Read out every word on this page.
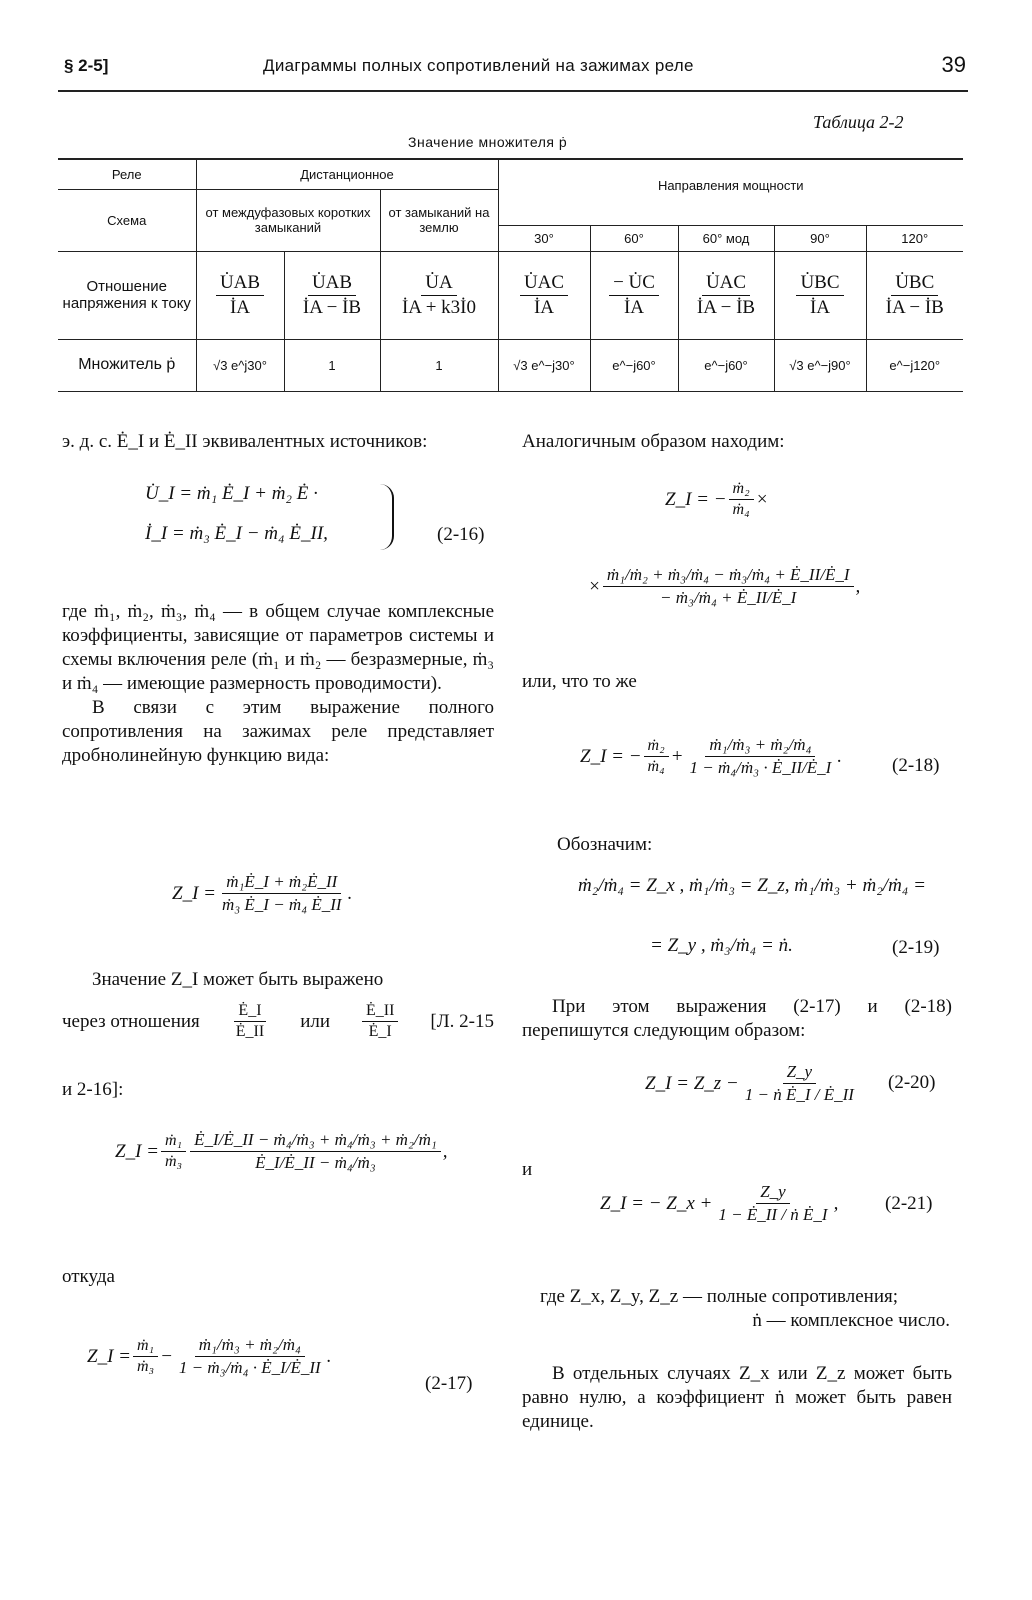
§ 2-5]	Диаграммы полных сопротивлений на зажимах реле	39
Таблица 2-2
Значение множителя ṗ
Реле	Дистанционное			Направления мощности				
Схема	от междуфазовых коротких замыканий		от замыканий на землю					
				30°	60°	60° мод	90°	120°
Отношение напряжения к току	$\frac{U̇AB}{İA}$	$\frac{U̇AB}{İA - İB}$	$\frac{U̇A}{İA + k3İ0}$	$\frac{U̇AC}{İA}$	$\frac{- U̇C}{İA}$	$\frac{U̇AC}{İA - İB}$	$\frac{U̇BC}{İA}$	$\frac{U̇BC}{İA - İB}$

Множитель ṗ	√3 e^j30°	1	1	√3 e^−j30°	e^−j60°	e^−j60°	√3 e^−j90°	e^−j120°

э. д. с. Ė_I и Ė_II эквивалентных источников:

U̇_I = ṁ₁ Ė_I + ṁ₂ Ė ·
İ_I = ṁ₃ Ė_I − ṁ₄ Ė_II,	(2-16)

где ṁ₁, ṁ₂, ṁ₃, ṁ₄ — в общем случае комплексные коэффициенты, зависящие от параметров системы и схемы включения реле (ṁ₁ и ṁ₂ — безразмерные, ṁ₃ и ṁ₄ — имеющие размерность проводимости).

В связи с этим выражение полного сопротивления на зажимах реле представляет дробнолинейную функцию вида:

Z_I = $\frac{\text{ṁ₁Ė\_I + ṁ₂Ė\_II}}{\text{ṁ₃ Ė\_I − ṁ₄ Ė\_II}}$ .

Значение Z_I может быть выражено

через отношения $\frac{Ė\_I}{Ė\_II}$ или $\frac{Ė\_II}{Ė\_I} [Л$. 2-15

и 2-16]:

Z_I = $\frac{\text{ṁ₁}}{\text{ṁ₃}} \frac{\text{Ė\_I/Ė\_II − ṁ₄/ṁ₃ + ṁ₄/ṁ₃ + ṁ₂/ṁ₁}}{\text{Ė\_I/Ė\_II − ṁ₄/ṁ₃}}$ ,

откуда

Z_I = $\frac{\text{ṁ₁}}{\text{ṁ₃}} - \frac{\text{ṁ₁/ṁ₃ + ṁ₂/ṁ₄}}{\text{1 − ṁ₃/ṁ₄ · Ė\_I/Ė\_II}}$ .
(2-17)

Аналогичным образом находим:

Z_I = − $\frac{\text{ṁ₂}}{\text{ṁ₄}}$ ×
× $\frac{\text{ṁ₁/ṁ₂ + ṁ₃/ṁ₄ − ṁ₃/ṁ₄ + Ė\_II/Ė\_I}}{\text{− ṁ₃/ṁ₄ + Ė\_II/Ė\_I}}$ ,

или, что то же

Z_I = − $\frac{\text{ṁ₂}}{\text{ṁ₄}} + \frac{\text{ṁ₁/ṁ₃ + ṁ₂/ṁ₄}}{\text{1 − ṁ₄/ṁ₃ · Ė\_II/Ė\_I}}$ .	(2-18)

Обозначим:

ṁ₂/ṁ₄ = Z_x , ṁ₁/ṁ₃ = Z_z, ṁ₁/ṁ₃ + ṁ₂/ṁ₄ =
= Z_y , ṁ₃/ṁ₄ = ṅ.	(2-19)

При этом выражения (2-17) и (2-18) перепишутся следующим образом:

Z_I = Z_z − $\frac{Z\_y}{\text{1 − ṅ Ė\_I / Ė\_II}} (2-20)$

и

Z_I = − Z_x + $\frac{Z\_y}{\text{1 − Ė\_II / ṅ Ė\_I}}$ , (2-21)

где Z_x, Z_y, Z_z — полные сопротивления;

ṅ — комплексное число.

В отдельных случаях Z_x или Z_z может быть равно нулю, а коэффициент ṅ может быть равен единице.
